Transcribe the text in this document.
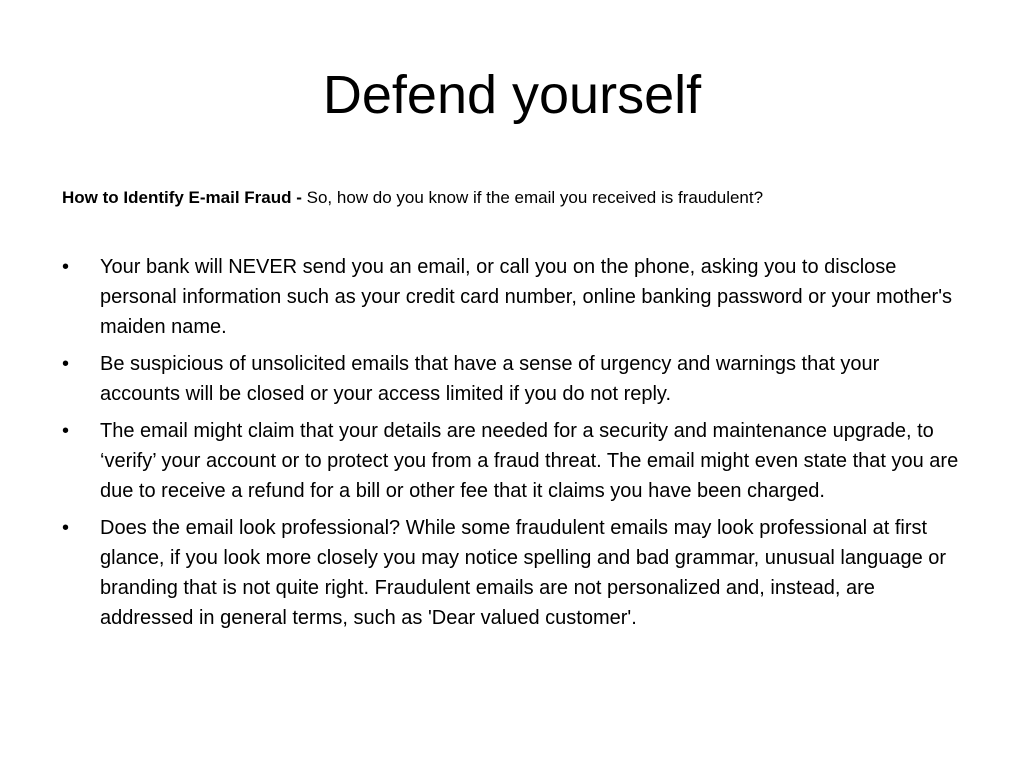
Defend yourself
How to Identify E-mail Fraud - So, how do you know if the email you received is fraudulent?
•	Your bank will NEVER send you an email, or call you on the phone, asking you to disclose personal information such as your credit card number, online banking password or your mother's maiden name.
•	Be suspicious of unsolicited emails that have a sense of urgency and warnings that your accounts will be closed or your access limited if you do not reply.
•	The email might claim that your details are needed for a security and maintenance upgrade, to ‘verify’ your account or to protect you from a fraud threat. The email might even state that you are due to receive a refund for a bill or other fee that it claims you have been charged.
•	Does the email look professional? While some fraudulent emails may look professional at first glance, if you look more closely you may notice spelling and bad grammar, unusual language or branding that is not quite right. Fraudulent emails are not personalized and, instead, are addressed in general terms, such as 'Dear valued customer'.
